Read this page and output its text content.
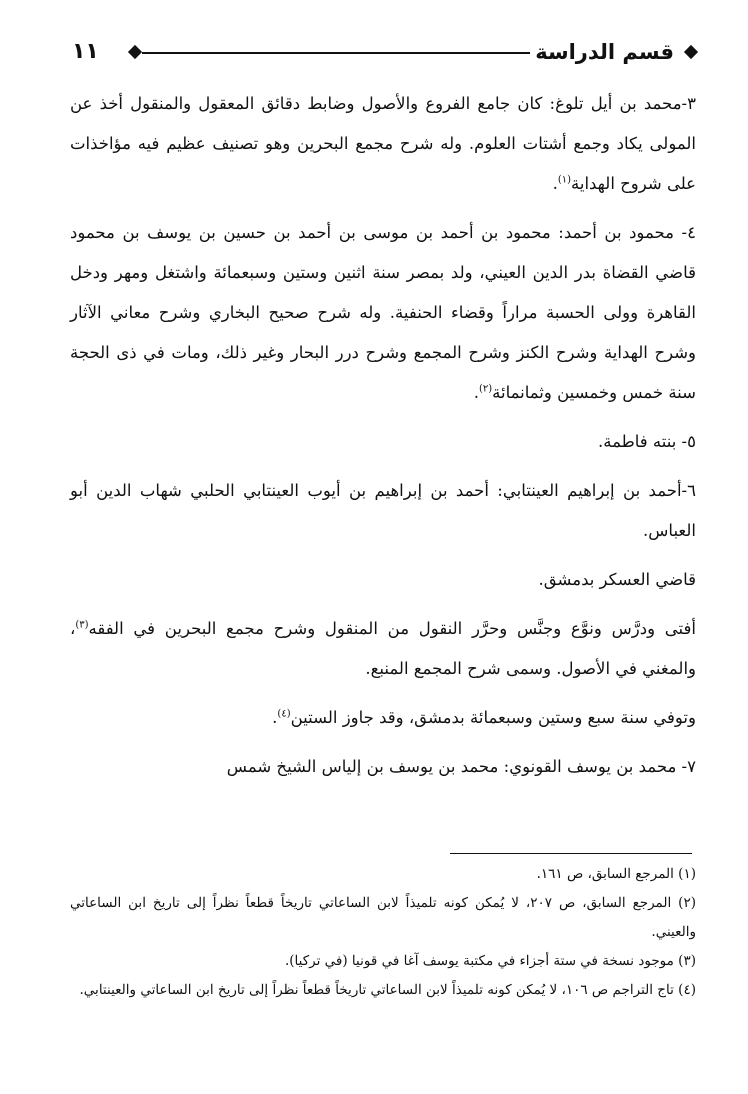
قسم الدراسة
١١

٣-محمد بن أيل تلوغ: كان جامع الفروع والأصول وضابط دقائق المعقول والمنقول أخذ عن المولى يكاد وجمع أشتات العلوم. وله شرح مجمع البحرين وهو تصنيف عظيم فيه مؤاخذات على شروح الهداية$^{(١)}$.

٤- محمود بن أحمد: محمود بن أحمد بن موسى بن أحمد بن حسين بن يوسف بن محمود قاضي القضاة بدر الدين العيني، ولد بمصر سنة اثنين وستين وسبعمائة واشتغل ومهر ودخل القاهرة وولى الحسبة مراراً وقضاء الحنفية. وله شرح صحيح البخاري وشرح معاني الآثار وشرح الهداية وشرح الكنز وشرح المجمع وشرح درر البحار وغير ذلك، ومات في ذى الحجة سنة خمس وخمسين وثمانمائة$^{(٢)}$.

٥- بنته فاطمة.

٦-أحمد بن إبراهيم العينتابي: أحمد بن إبراهيم بن أيوب العينتابي الحلبي شهاب الدين أبو العباس.

قاضي العسكر بدمشق.

أفتى ودرَّس ونوَّع وجنَّس وحرَّر النقول من المنقول وشرح مجمع البحرين في الفقه$^{(٣)}$، والمغني في الأصول. وسمى شرح المجمع المنبع.

وتوفي سنة سبع وستين وسبعمائة بدمشق، وقد جاوز الستين$^{(٤)}$.

٧- محمد بن يوسف القونوي: محمد بن يوسف بن إلياس الشيخ شمس

(١) المرجع السابق، ص ١٦١.

(٢) المرجع السابق، ص ٢٠٧، لا يُمكن كونه تلميذاً لابن الساعاتي تاريخاً قطعاً نظراً إلى تاريخ ابن الساعاتي والعيني.

(٣) موجود نسخة في ستة أجزاء في مكتبة يوسف آغا في قونيا (في تركيا).

(٤) تاج التراجم ص ١٠٦، لا يُمكن كونه تلميذاً لابن الساعاتي تاريخاً قطعاً نظراً إلى تاريخ ابن الساعاتي والعينتابي.
